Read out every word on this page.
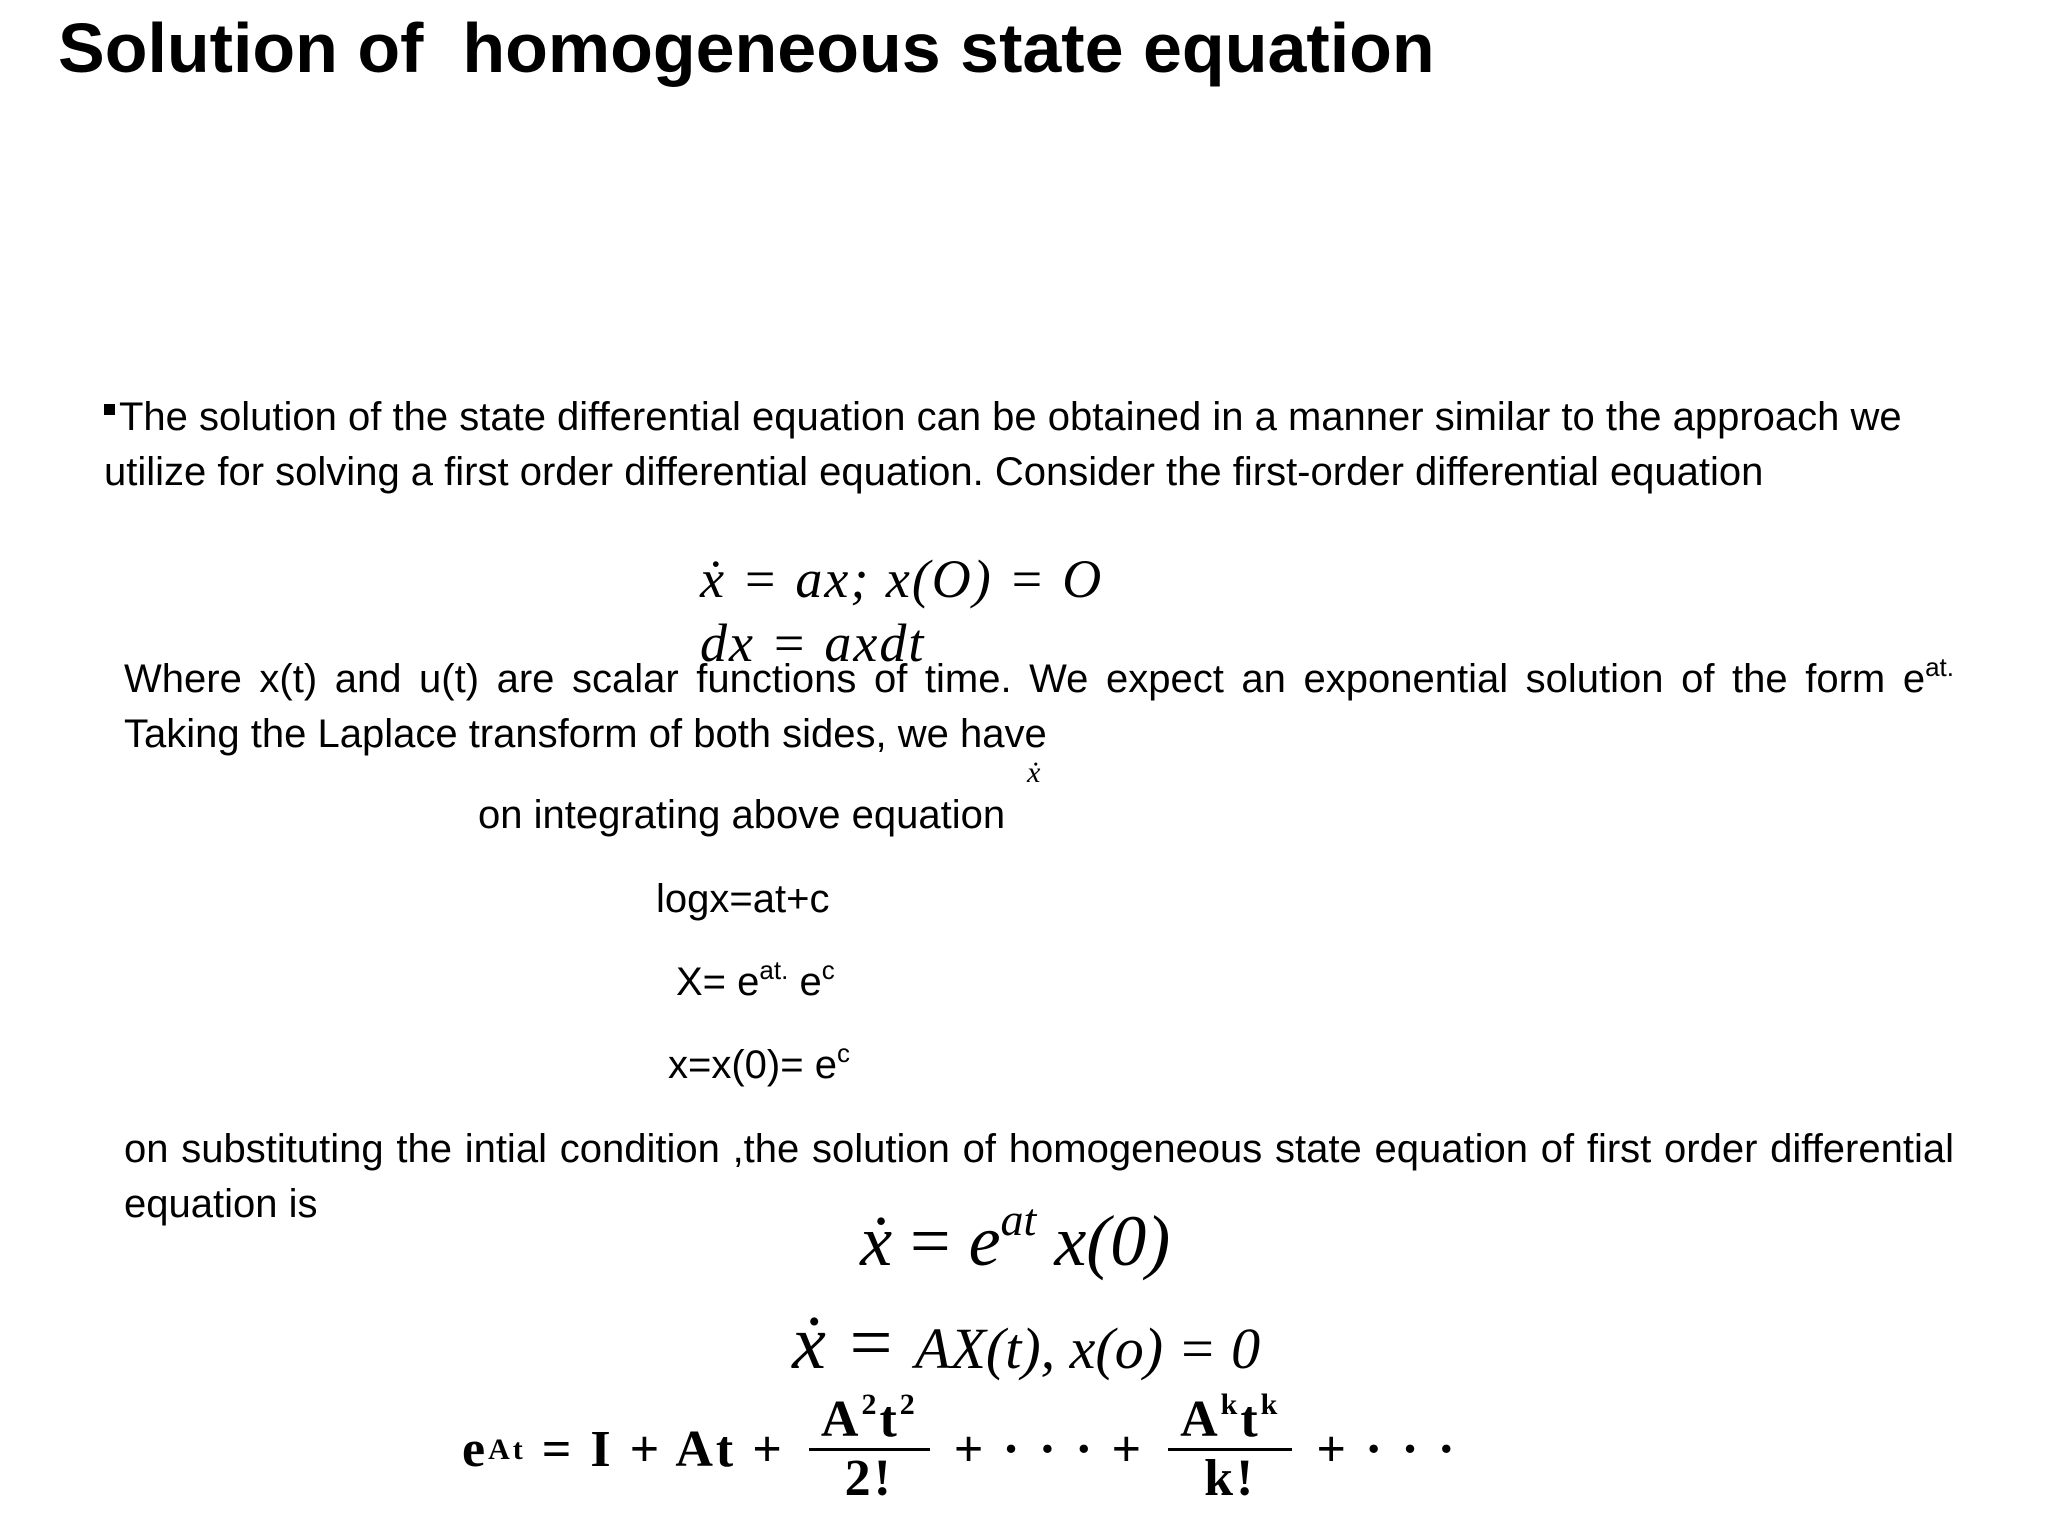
Solution of  homogeneous state equation
The solution of the state differential equation can be obtained in a manner similar to the approach we utilize for solving a first order differential equation. Consider the first-order differential equation
ẋ = ax; x(O) = O
dx = axdt
Where x(t) and u(t) are scalar functions of time. We expect an exponential solution of the form $e^{at.}$ Taking the Laplace transform of both sides, we have
ẋ
on integrating above equation
logx=at+c
$X= e^{at.}$ $e^c$
$x=x(0)= e^c$
on substituting the intial condition ,the solution of homogeneous state equation of first order differential equation is	ẋ = $e^{at}$ x(0)
ẋ = AX(t), x(o) = 0
e $At = I + At + \frac{A^2t^2}{2!}$ + · · · + $\frac{A^kt^k}{k!}$ + · · ·
